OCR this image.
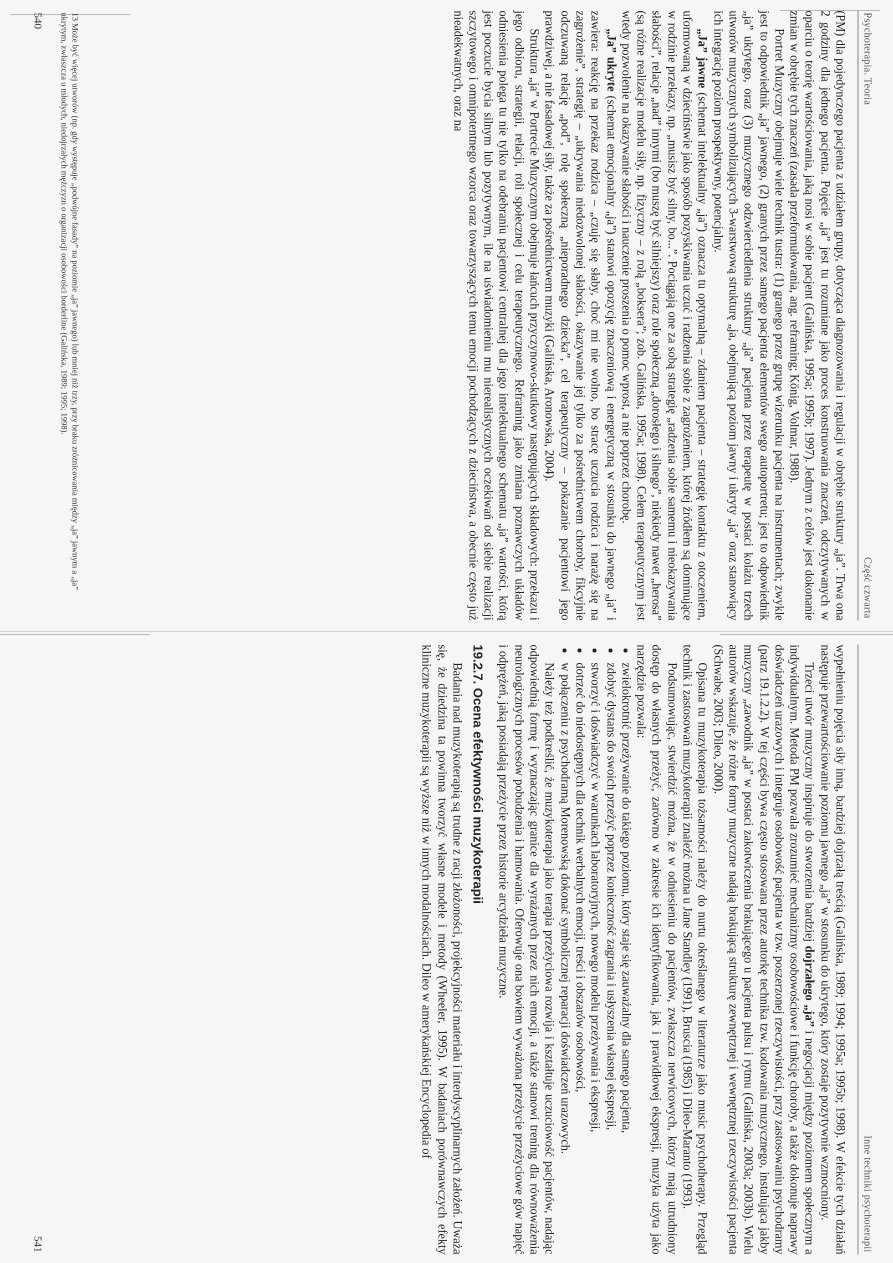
Psychoterapia. Teoria
Część czwarta

(PM) dla pojedynczego pacjenta z udziałem grupy, dotycząca diagnozowania i regulacji w obrębie struktury „ja”. Trwa ona 2 godziny dla jednego pacjenta. Pojęcie „ja” jest tu rozumiane jako proces konstruowania znaczeń, odczytywanych w oparciu o teorię wartościowania, jaką nosi w sobie pacjent (Galińska, 1995a; 1995b; 1997). Jednym z celów jest dokonanie zmian w obrębie tych znaczeń (zasada przeformułowania, ang. reframing; König, Volmar, 1988).

Portret Muzyczny obejmuje wiele technik tustra: (1) granego przez grupę wizerunku pacjenta na instrumentach; zwykle jest to odpowiednik „ja” jawnego, (2) granych przez samego pacjenta elementów swego autoportretu; jest to odpowiednik „ja” ukrytego, oraz (3) muzycznego odzwierciedlenia struktury „ja” pacjenta przez terapeutę w postaci kolażu trzech utworów muzycznych symbolizujących 3-warstwową strukturę „ja, obejmującą poziom jawny i ukryty „ja” oraz stanowiący ich integrację poziom prospektywny, potencjalny.

„Ja” jawne (schemat intelektualny „ja”) oznacza tu optymalną – zdaniem pacjenta – strategię kontaktu z otoczeniem, uformowaną w dzieciństwie jako sposób pozyskiwania uczuć i radzenia sobie z zagrożeniem, której źródłem są dominujące w rodzinie przekazy, np. „musisz być silny, bo...”. Pociągają one za sobą strategię „radzenia sobie samemu i nieokazywania słabości”, relacje „nad” innymi (bo muszę być silniejszy) oraz role społeczną „dorosłego i silnego”, niekiedy nawet „herosa” (są różne realizacje modelu siły, np. fizyczny – z rolą „boksera”; zob. Galińska, 1995a; 1998). Celem terapeutycznym jest wtedy pozwolenie na okazywanie słabości i nauczenie proszenia o pomoc wprost, a nie poprzez chorobę.

„Ja” ukryte (schemat emocjonalny „ja”) stanowi opozycję znaczeniową i energetyczną w stosunku do jawnego „ja” i zawiera: reakcję na przekaz rodzica – „czuję się słaby, choć mi nie wolno, bo stracę uczucia rodzica i narażę się na zagrożenie”, strategię – „ukrywania niedozwolonej słabości, okazywanie jej tylko za pośrednictwem choroby, fikcyjnie odczuwaną relację „pod”, rolę społeczną „nieporadnego dziecka”, cel terapeutyczny – pokazanie pacjentowi jego prawdziwej, a nie fasadowej siły, także za pośrednictwem muzyki (Galińska, Aronowska, 2004).

Struktura „ja” w Portrecie Muzycznym obejmuje łańcuch przyczynowo-skutkowy następujących składowych: przekazu i jego odbioru, strategii, relacji, roli społecznej i celu terapeutycznego. Reframing jako zmiana poznawczych układów odniesienia polega tu nie tylko na odebraniu pacjentowi centralnej dla jego intelektualnego schematu „ja” wartości, którą jest poczucie bycia silnym lub pozytywnym, ile na uświadomieniu mu nierealistycznych oczekiwań od siebie realizacji szczytowego i omnipotentnego wzorca oraz towarzyszących temu emocji pochodzących z dzieciństwa, a obecnie często już nieadekwatnych, oraz na

13 Może być więcej utworów (np. gdy występuje „podwójne fasady” na poziomie „ja” jawnego) lub mniej niż trzy, przy braku zróżnicowania między „ja” jawnym a „ja” ukrytym, zwłaszcza u młodych, niedojrzałych mężczyzn o organizacji osobowości borderline (Galińska, 1989; 1995; 1998).
540
Inne techniki psychoterapii

wypełnieniu pojęcia siły inną, bardziej dojrzałą treścią (Galińska, 1989; 1994; 1995a; 1995b; 1998). W efekcie tych działań następuje przewartościowanie poziomu jawnego „ja” w stosunku do ukrytego, który zostaje pozytywnie wzmocniony.

Trzeci utwór muzyczny inspiruje do stworzenia bardziej dojrzałego „ja” i negocjacji między poziomem społecznym a indywidualnym. Metoda PM pozwala zrozumieć mechanizmy osobowościowe i funkcję choroby, a także dokonuje naprawy doświadczeń urazowych i integruje osobowość pacjenta w tzw. poszerzonej rzeczywistości, przy zastosowaniu psychodramy (patrz 19.1.2.2). W tej części bywa często stosowana przez autorkę technika tzw. kodowania muzycznego, instalująca jakby muzyczny „zawodnik „ja” w postaci zakotwiczenia brakującego u pacjenta pulsu i rytmu (Galińska, 2003a; 2003b). Wielu autorów wskazuje, że różne formy muzyczne nadają brakującą strukturę zewnętrznej i wewnętrznej rzeczywistości pacjenta (Schwabe, 2003; Dileo, 2000).

Opisana tu muzykoterapia tożsamości należy do nurtu określanego w literaturze jako music psychotherapy. Przegląd technik i zastosowań muzykoterapii znaleźć można u Jane Standley (1991), Bruscia (1985) i Dileo-Maranto (1993).

Podsumowując, stwierdzić można, że w odniesieniu do pacjentów, zwłaszcza nerwicowych, którzy mają utrudniony dostęp do własnych przeżyć, zarówno w zakresie ich identyfikowania, jak i prawidłowej ekspresji, muzyka użyta jako narzędzie pozwala:

• zwielokrotnić przeżywanie do takiego poziomu, który staje się zauważalny dla samego pacjenta,
• zdobyć dystans do swoich przeżyć poprzez konieczność zagrania i usłyszenia własnej ekspresji,
• stworzyć i doświadczyć w warunkach laboratoryjnych, nowego modelu przeżywania i ekspresji,
• dotrzeć do niedostępnych dla technik werbalnych emocji, treści i obszarów osobowości,
• w połączeniu z psychodramą Morenowską dokonać symbolicznej reparacji doświadczeń urazowych.

Należy też podkreślić, że muzykoterapia jako terapia przeżyciowa rozwija i kształtuje uczuciowość pacjentów, nadając odpowiednią formę i wyznaczając granice dla wyrażanych przez nich emocji, a także stanowi trening dla równoważenia neurologicznych procesów pobudzenia i hamowania. Oferowuje ona bowiem wyważona przeżycie przeżyciowe gów napięć i odprężeń, jaką posiadają przeżycie przez historie arcydzieła muzyczne.

19.2.7. Ocena efektywności muzykoterapii

Badania nad muzykoterapią są trudne z racji złożoności, projekcyjności materiału i interdyscyplinarnych założeń. Uważa się, że dziedzina ta powinna tworzyć własne modele i metody (Wheeler, 1995). W badaniach porównawczych efekty kliniczne muzykoterapii są wyższe niż w innych modalnościach. Dileo w amerykańskiej Encyclopedia of

541
